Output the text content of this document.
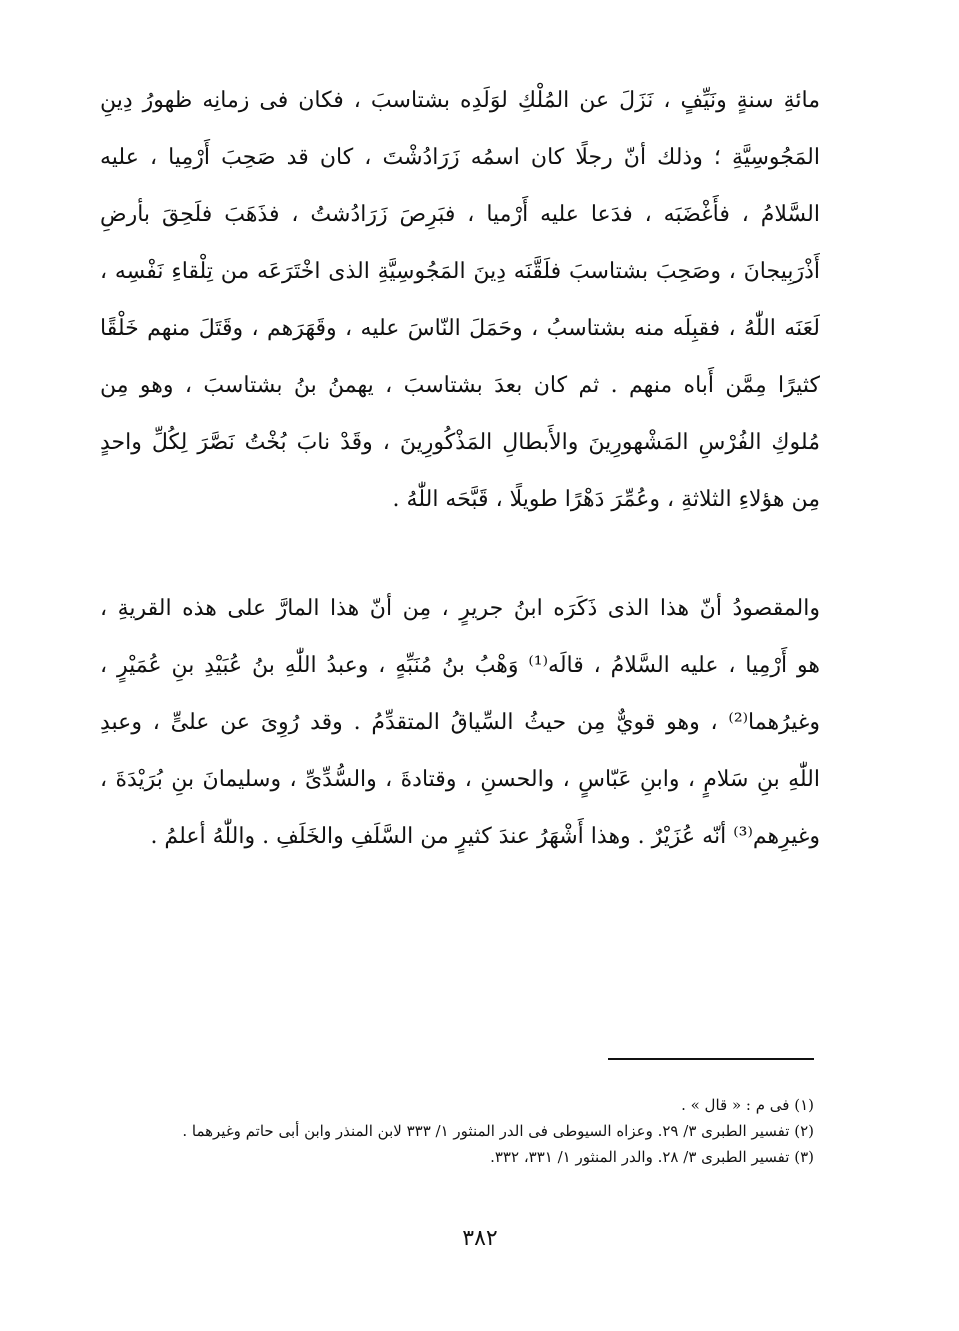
مائةِ سنةٍ ونَيِّفٍ ، نَزَلَ عن المُلْكِ لوَلَدِه بشتاسبَ ، فكان فى زمانِه ظهورُ دِينِ
المَجُوسِيَّةِ ؛ وذلك أنّ رجلًا كان اسمُه زَرَادُشْتَ ، كان قد صَحِبَ أَرْمِيا ، عليه
السَّلامُ ، فأَغْضَبَه ، فدَعا عليه أَرْميا ، فبَرِصَ زَرَادُشتُ ، فذَهَبَ فلَحِقَ بأرضِ
أَذْرَبِيجانَ ، وصَحِبَ بشتاسبَ فلَقَّنَه دِينَ المَجُوسِيَّةِ الذى اخْتَرَعَه من تِلْقاءِ نَفْسِه ،
لَعَنَه اللّٰهُ ، فقبِلَه منه بشتاسبُ ، وحَمَلَ النّاسَ عليه ، وقَهَرَهم ، وقَتَلَ منهم خَلْقًا
كثيرًا مِمَّن أَباه منهم . ثم كان بعدَ بشتاسبَ ، يهمنُ بنُ بشتاسبَ ، وهو مِن
مُلوكِ الفُرْسِ المَشْهورِينَ والأَبطالِ المَذْكُورِينَ ، وقَدْ نابَ بُخْتُ نَصَّرَ لِكُلِّ واحدٍ
مِن هؤلاءِ الثلاثةِ ، وعُمِّرَ دَهْرًا طويلًا ، قَبَّحَه اللّٰهُ .
والمقصودُ أنّ هذا الذى ذَكَرَه ابنُ جريرٍ ، مِن أنّ هذا المارَّ على هذه القريةِ ،
هو أَرْمِيا ، عليه السَّلامُ ، قالَه⁽¹⁾ وَهْبُ بنُ مُنَبِّهٍ ، وعبدُ اللّٰهِ بنُ عُبَيْدِ بنِ عُمَيْرٍ ،
وغيرُهما⁽²⁾ ، وهو قويٌّ مِن حيثُ السِّياقُ المتقدِّمُ . وقد رُوِىَ عن علىٍّ ، وعبدِ
اللّٰهِ بنِ سَلامٍ ، وابنِ عَبّاسٍ ، والحسنِ ، وقتادةَ ، والسُّدِّىِّ ، وسليمانَ بنِ بُرَيْدَةَ ،
وغيرِهم⁽³⁾ أنّه عُزَيْرٌ . وهذا أَشْهَرُ عندَ كثيرٍ من السَّلَفِ والخَلَفِ . واللّٰهُ أعلمُ .
(١) فى م : « قال » .
(٢) تفسير الطبرى ٣/ ٢٩. وعزاه السيوطى فى الدر المنثور ١/ ٣٣٣ لابن المنذر وابن أبى حاتم وغيرهما .
(٣) تفسير الطبرى ٣/ ٢٨. والدر المنثور ١/ ٣٣١، ٣٣٢.
٣٨٢
